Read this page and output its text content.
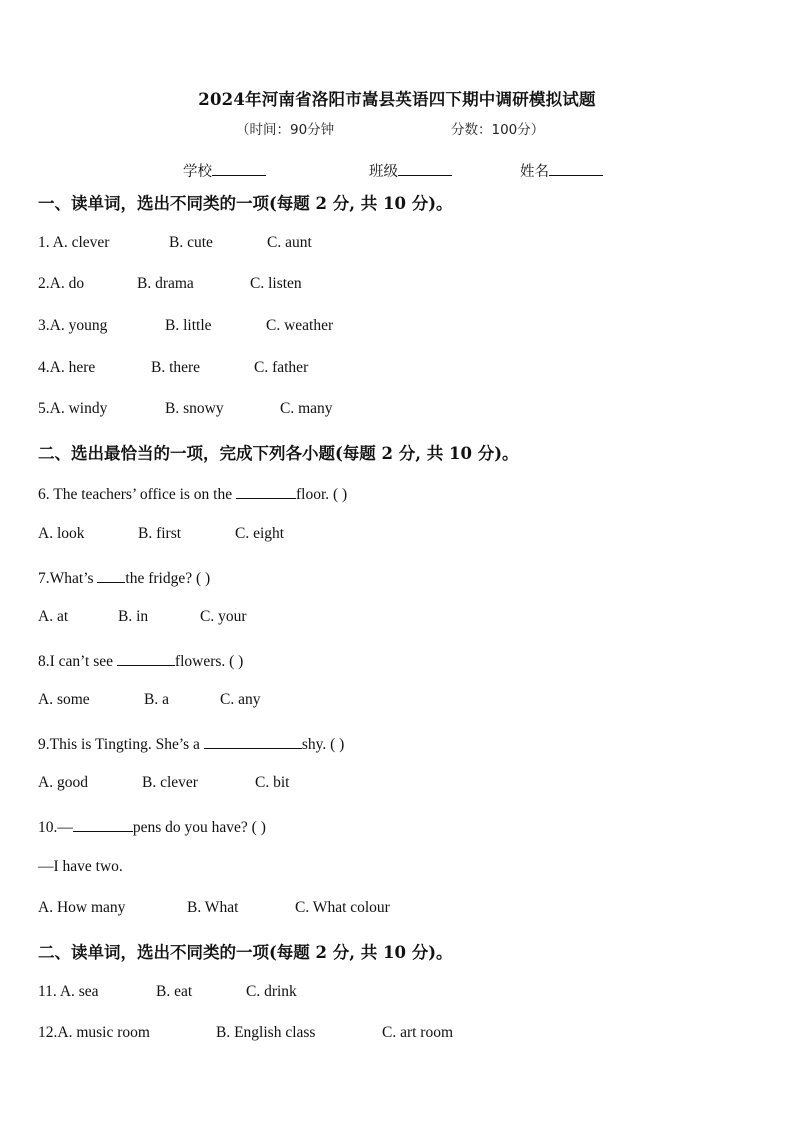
2024年河南省洛阳市嵩县英语四下期中调研模拟试题
（时间：90分钟	分数：100分）
学校	班级	姓名
一、读单词，选出不同类的一项(每题 2 分, 共 10 分)。
1. A. clever	B. cute	C. aunt
2.A. do	B. drama	C. listen
3.A. young	B. little	C. weather
4.A. here	B. there	C. father
5.A. windy	B. snowy	C. many
二、选出最恰当的一项，完成下列各小题(每题 2 分, 共 10 分)。
6. The teachers’ office is on the	floor. ( )
A. look	B. first	C. eight
7.What’s the fridge? ( )
A. at	B. in	C. your
8.I can’t see	flowers. ( )
A. some	B. a	C. any
9.This is Tingting. She’s a	shy. ( )
A. good	B. clever	C. bit
10.—	pens do you have? ( )
—I have two.
A. How many	B. What	C. What colour
二、读单词，选出不同类的一项(每题 2 分, 共 10 分)。
11. A. sea	B. eat	C. drink
12.A. music room	B. English class	C. art room
